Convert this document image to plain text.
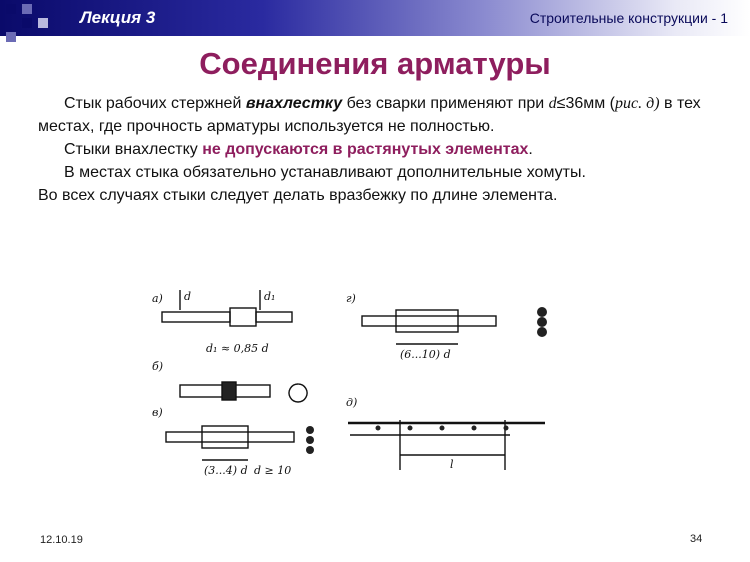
Лекция 3	Строительные конструкции - 1
Соединения арматуры

Стык рабочих стержней внахлестку без сварки применяют при d≤36мм (рис. д) в тех местах, где прочность арматуры используется не полностью.

Стыки внахлестку не допускаются в растянутых элементах.

В местах стыка обязательно устанавливают дополнительные хомуты.

Во всех случаях стыки следует делать вразбежку по длине элемента.

а)
б)
в)
г)
д)
d	d₁
d₁ ≈ 0,85 d	(6...10) d
(3...4) d d ≥ 10	l
12.10.19	34
